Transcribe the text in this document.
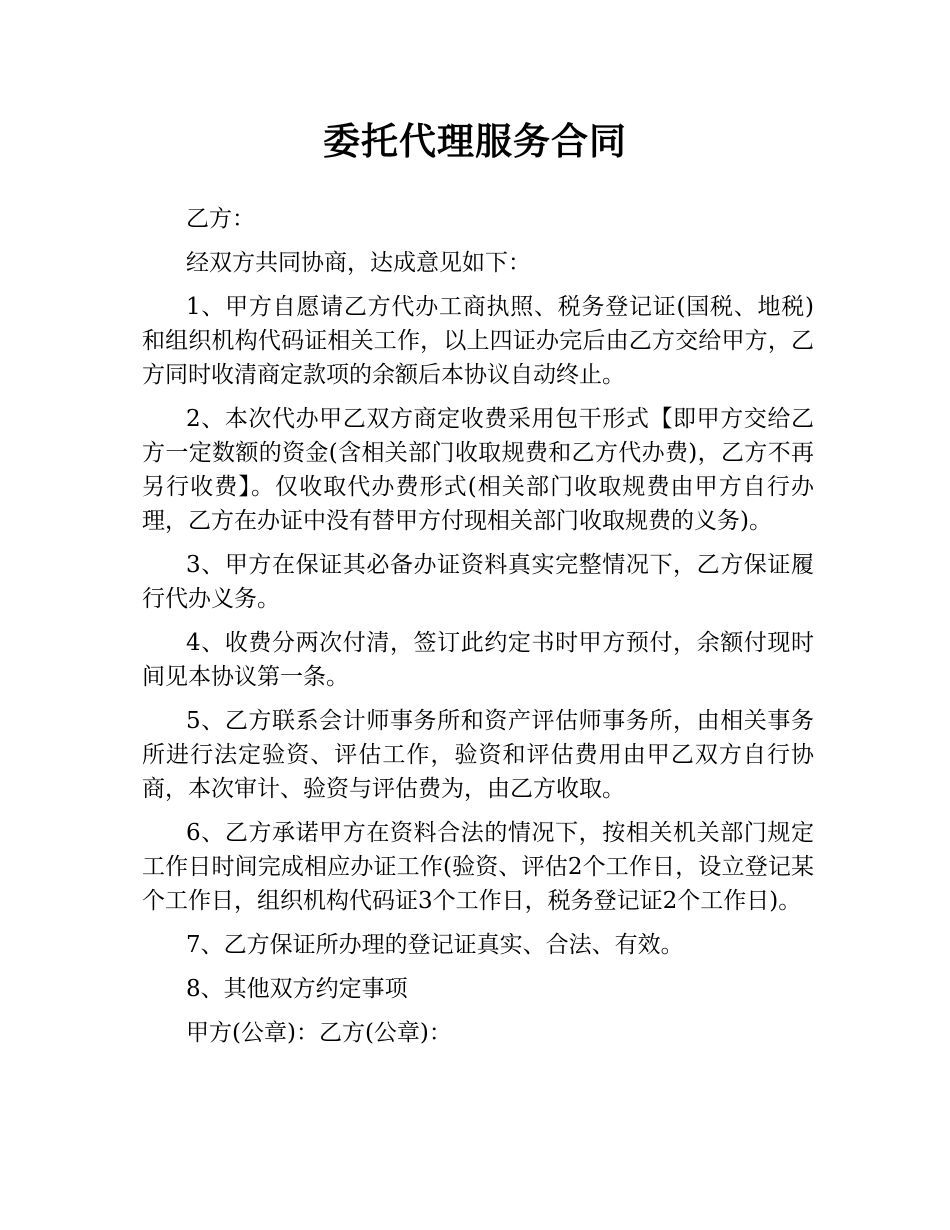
委托代理服务合同

乙方：

经双方共同协商，达成意见如下：

1、甲方自愿请乙方代办工商执照、税务登记证(国税、地税)和组织机构代码证相关工作，以上四证办完后由乙方交给甲方，乙方同时收清商定款项的余额后本协议自动终止。

2、本次代办甲乙双方商定收费采用包干形式【即甲方交给乙方一定数额的资金(含相关部门收取规费和乙方代办费)，乙方不再另行收费】。仅收取代办费形式(相关部门收取规费由甲方自行办理，乙方在办证中没有替甲方付现相关部门收取规费的义务)。

3、甲方在保证其必备办证资料真实完整情况下，乙方保证履行代办义务。

4、收费分两次付清，签订此约定书时甲方预付，余额付现时间见本协议第一条。

5、乙方联系会计师事务所和资产评估师事务所，由相关事务所进行法定验资、评估工作，验资和评估费用由甲乙双方自行协商，本次审计、验资与评估费为，由乙方收取。

6、乙方承诺甲方在资料合法的情况下，按相关机关部门规定工作日时间完成相应办证工作(验资、评估2个工作日，设立登记某个工作日，组织机构代码证3个工作日，税务登记证2个工作日)。

7、乙方保证所办理的登记证真实、合法、有效。

8、其他双方约定事项

甲方(公章)：乙方(公章)：
